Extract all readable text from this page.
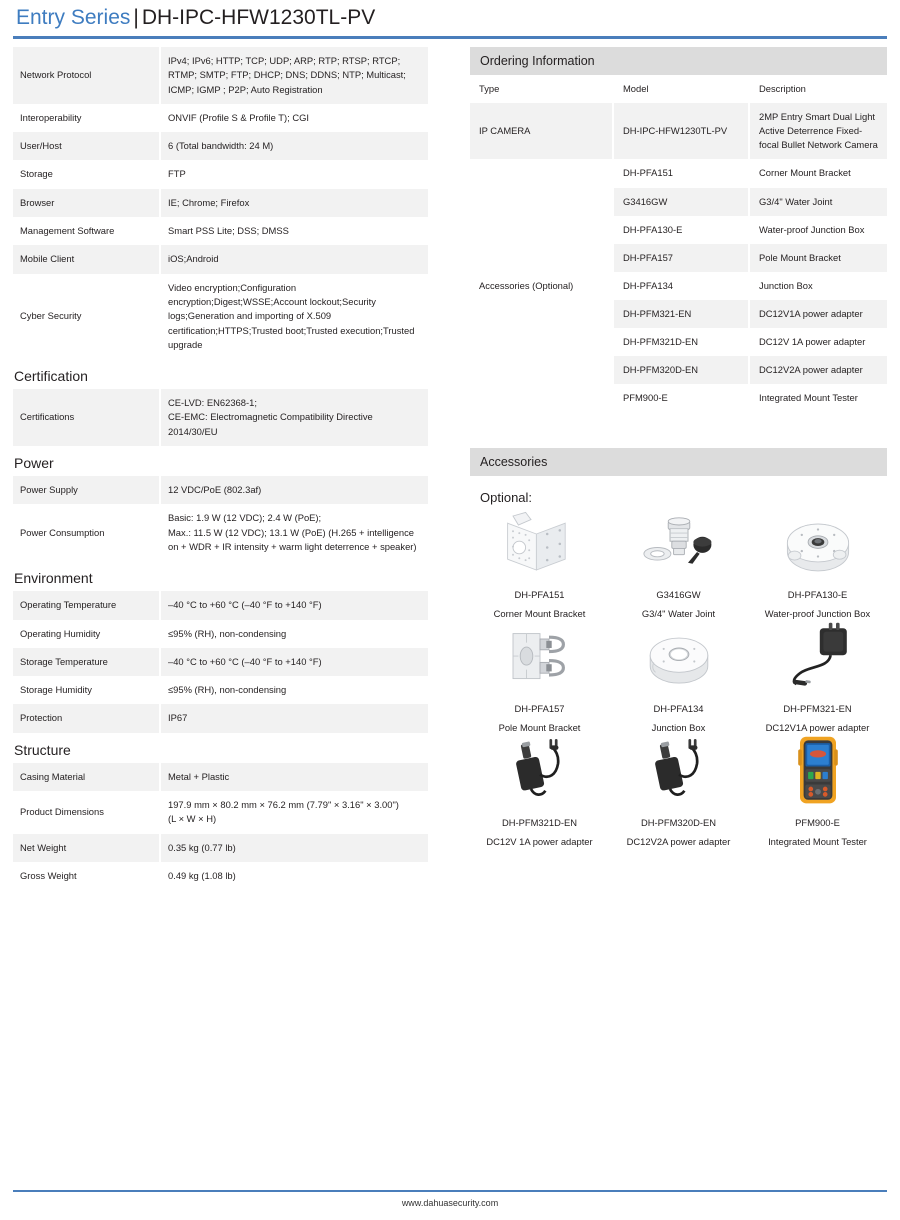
Entry Series | DH-IPC-HFW1230TL-PV
Network Protocol	IPv4; IPv6; HTTP; TCP; UDP; ARP; RTP; RTSP; RTCP; RTMP; SMTP; FTP; DHCP; DNS; DDNS; NTP; Multicast; ICMP; IGMP ; P2P; Auto Registration
Interoperability	ONVIF (Profile S & Profile T); CGI
User/Host	6 (Total bandwidth: 24 M)
Storage	FTP
Browser	IE; Chrome; Firefox
Management Software	Smart PSS Lite; DSS; DMSS
Mobile Client	iOS;Android
Cyber Security	Video encryption;Configuration encryption;Digest;WSSE;Account lockout;Security logs;Generation and importing of X.509 certification;HTTPS;Trusted boot;Trusted execution;Trusted upgrade
Certification
Certifications	CE-LVD: EN62368-1;
CE-EMC: Electromagnetic Compatibility Directive 2014/30/EU
Power
Power Supply	12 VDC/PoE (802.3af)
Power Consumption	Basic: 1.9 W (12 VDC); 2.4 W (PoE);
Max.: 11.5 W (12 VDC); 13.1 W (PoE) (H.265 + intelligence on + WDR + IR intensity + warm light deterrence + speaker)
Environment
Operating Temperature	–40 °C to +60 °C (–40 °F to +140 °F)
Operating Humidity	≤95% (RH), non-condensing
Storage Temperature	–40 °C to +60 °C (–40 °F to +140 °F)
Storage Humidity	≤95% (RH), non-condensing
Protection	IP67
Structure
Casing Material	Metal + Plastic
Product Dimensions	197.9 mm × 80.2 mm × 76.2 mm (7.79" × 3.16" × 3.00")
(L × W × H)
Net Weight	0.35 kg (0.77 lb)
Gross Weight	0.49 kg (1.08 lb)
Ordering Information
Type	Model	Description
IP CAMERA	DH-IPC-HFW1230TL-PV	2MP Entry Smart Dual Light Active Deterrence Fixed-focal Bullet Network Camera
Accessories (Optional)	DH-PFA151	Corner Mount Bracket
	G3416GW	G3/4" Water Joint
	DH-PFA130-E	Water-proof Junction Box
	DH-PFA157	Pole Mount Bracket
	DH-PFA134	Junction Box
	DH-PFM321-EN	DC12V1A power adapter
	DH-PFM321D-EN	DC12V 1A power adapter
	DH-PFM320D-EN	DC12V2A power adapter
	PFM900-E	Integrated Mount Tester
Accessories
Optional:
DH-PFA151
Corner Mount Bracket
G3416GW
G3/4" Water Joint
DH-PFA130-E
Water-proof Junction Box
DH-PFA157
Pole Mount Bracket
DH-PFA134
Junction Box
DH-PFM321-EN
DC12V1A power adapter
DH-PFM321D-EN
DC12V 1A power adapter
DH-PFM320D-EN
DC12V2A power adapter
PFM900-E
Integrated Mount Tester
www.dahuasecurity.com
